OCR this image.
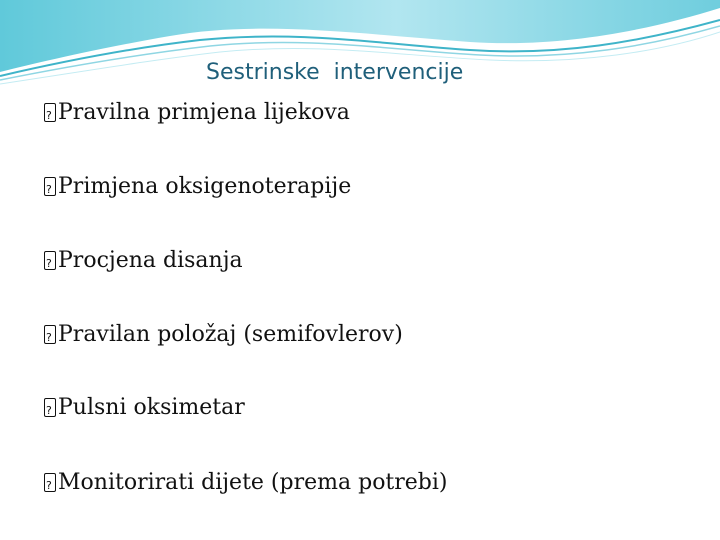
Sestrinske  intervencije
?Pravilna primjena lijekova
?Primjena oksigenoterapije
?Procjena disanja
?Pravilan položaj (semifovlerov)
?Pulsni oksimetar
?Monitorirati dijete (prema potrebi)
